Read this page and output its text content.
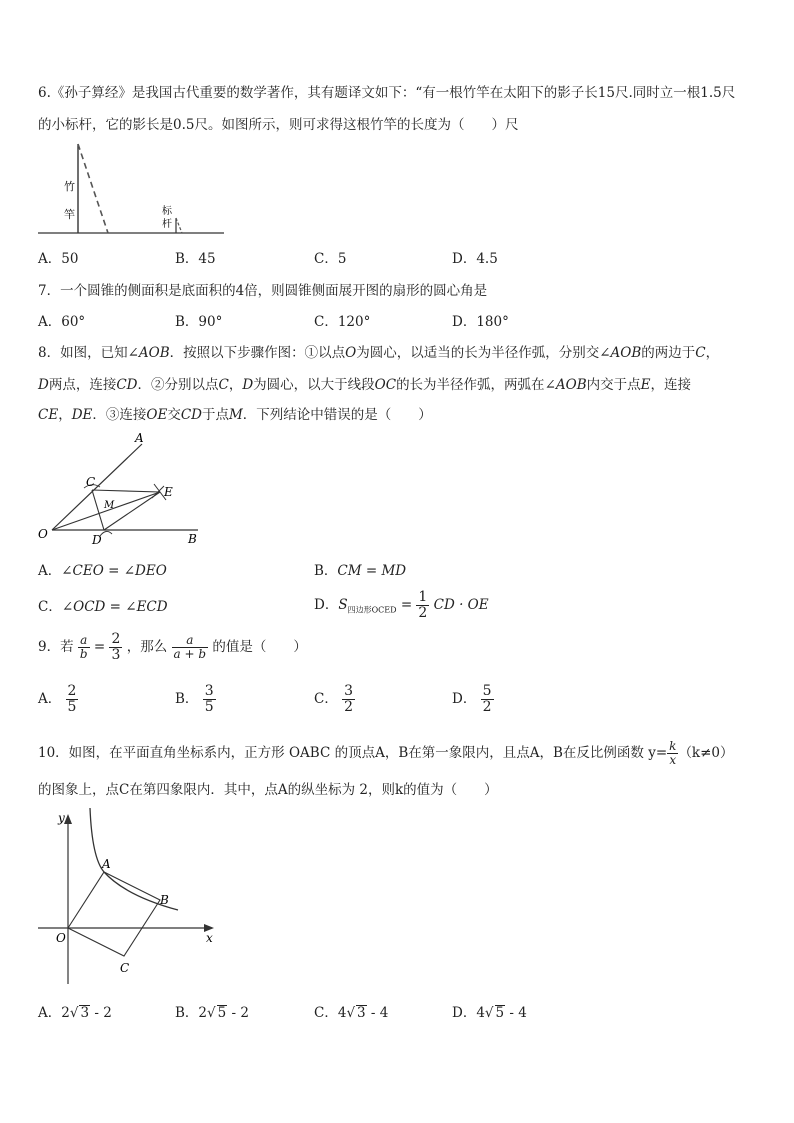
6.《孙子算经》是我国古代重要的数学著作，其有题译文如下：“有一根竹竿在太阳下的影子长15尺.同时立一根1.5尺
的小标杆，它的影长是0.5尺。如图所示，则可求得这根竹竿的长度为（　　）尺
竹
竿	标
杆
A．50	B．45	C．5	D．4.5
7．一个圆锥的侧面积是底面积的4倍，则圆锥侧面展开图的扇形的圆心角是
A．60°	B．90°	C．120°	D．180°
8．如图，已知∠AOB．按照以下步骤作图：①以点O为圆心，以适当的长为半径作弧，分别交∠AOB的两边于C，
D两点，连接CD．②分别以点C，D为圆心，以大于线段OC的长为半径作弧，两弧在∠AOB内交于点E，连接
CE，DE．③连接OE交CD于点M．下列结论中错误的是（　　）
A
B
C
D
E
M
O
A．∠CEO = ∠DEO	B．CM = MD
C．∠OCD = ∠ECD	D．$S_{四边形OCED} = \frac{1}{2}$ CD · OE
9．若 $\frac{a}{b} = \frac{2}{3}$ ，那么 $\frac{a}{a + b}$ 的值是（　　）
A． $\frac{2}{5}$	B． $\frac{3}{5}$	C． $\frac{3}{2}$	D． $\frac{5}{2}$
10．如图，在平面直角坐标系内，正方形 OABC 的顶点A，B在第一象限内，且点A，B在反比例函数 $y= \frac{k}{x} (k\ne 0)$
的图象上，点C在第四象限内．其中，点A的纵坐标为 2，则k的值为（　　）
y
x
O
A
B
C
A．2√ 3 - 2	B．2√ 5 - 2	C．4√ 3 - 4	D．4√ 5 - 4
